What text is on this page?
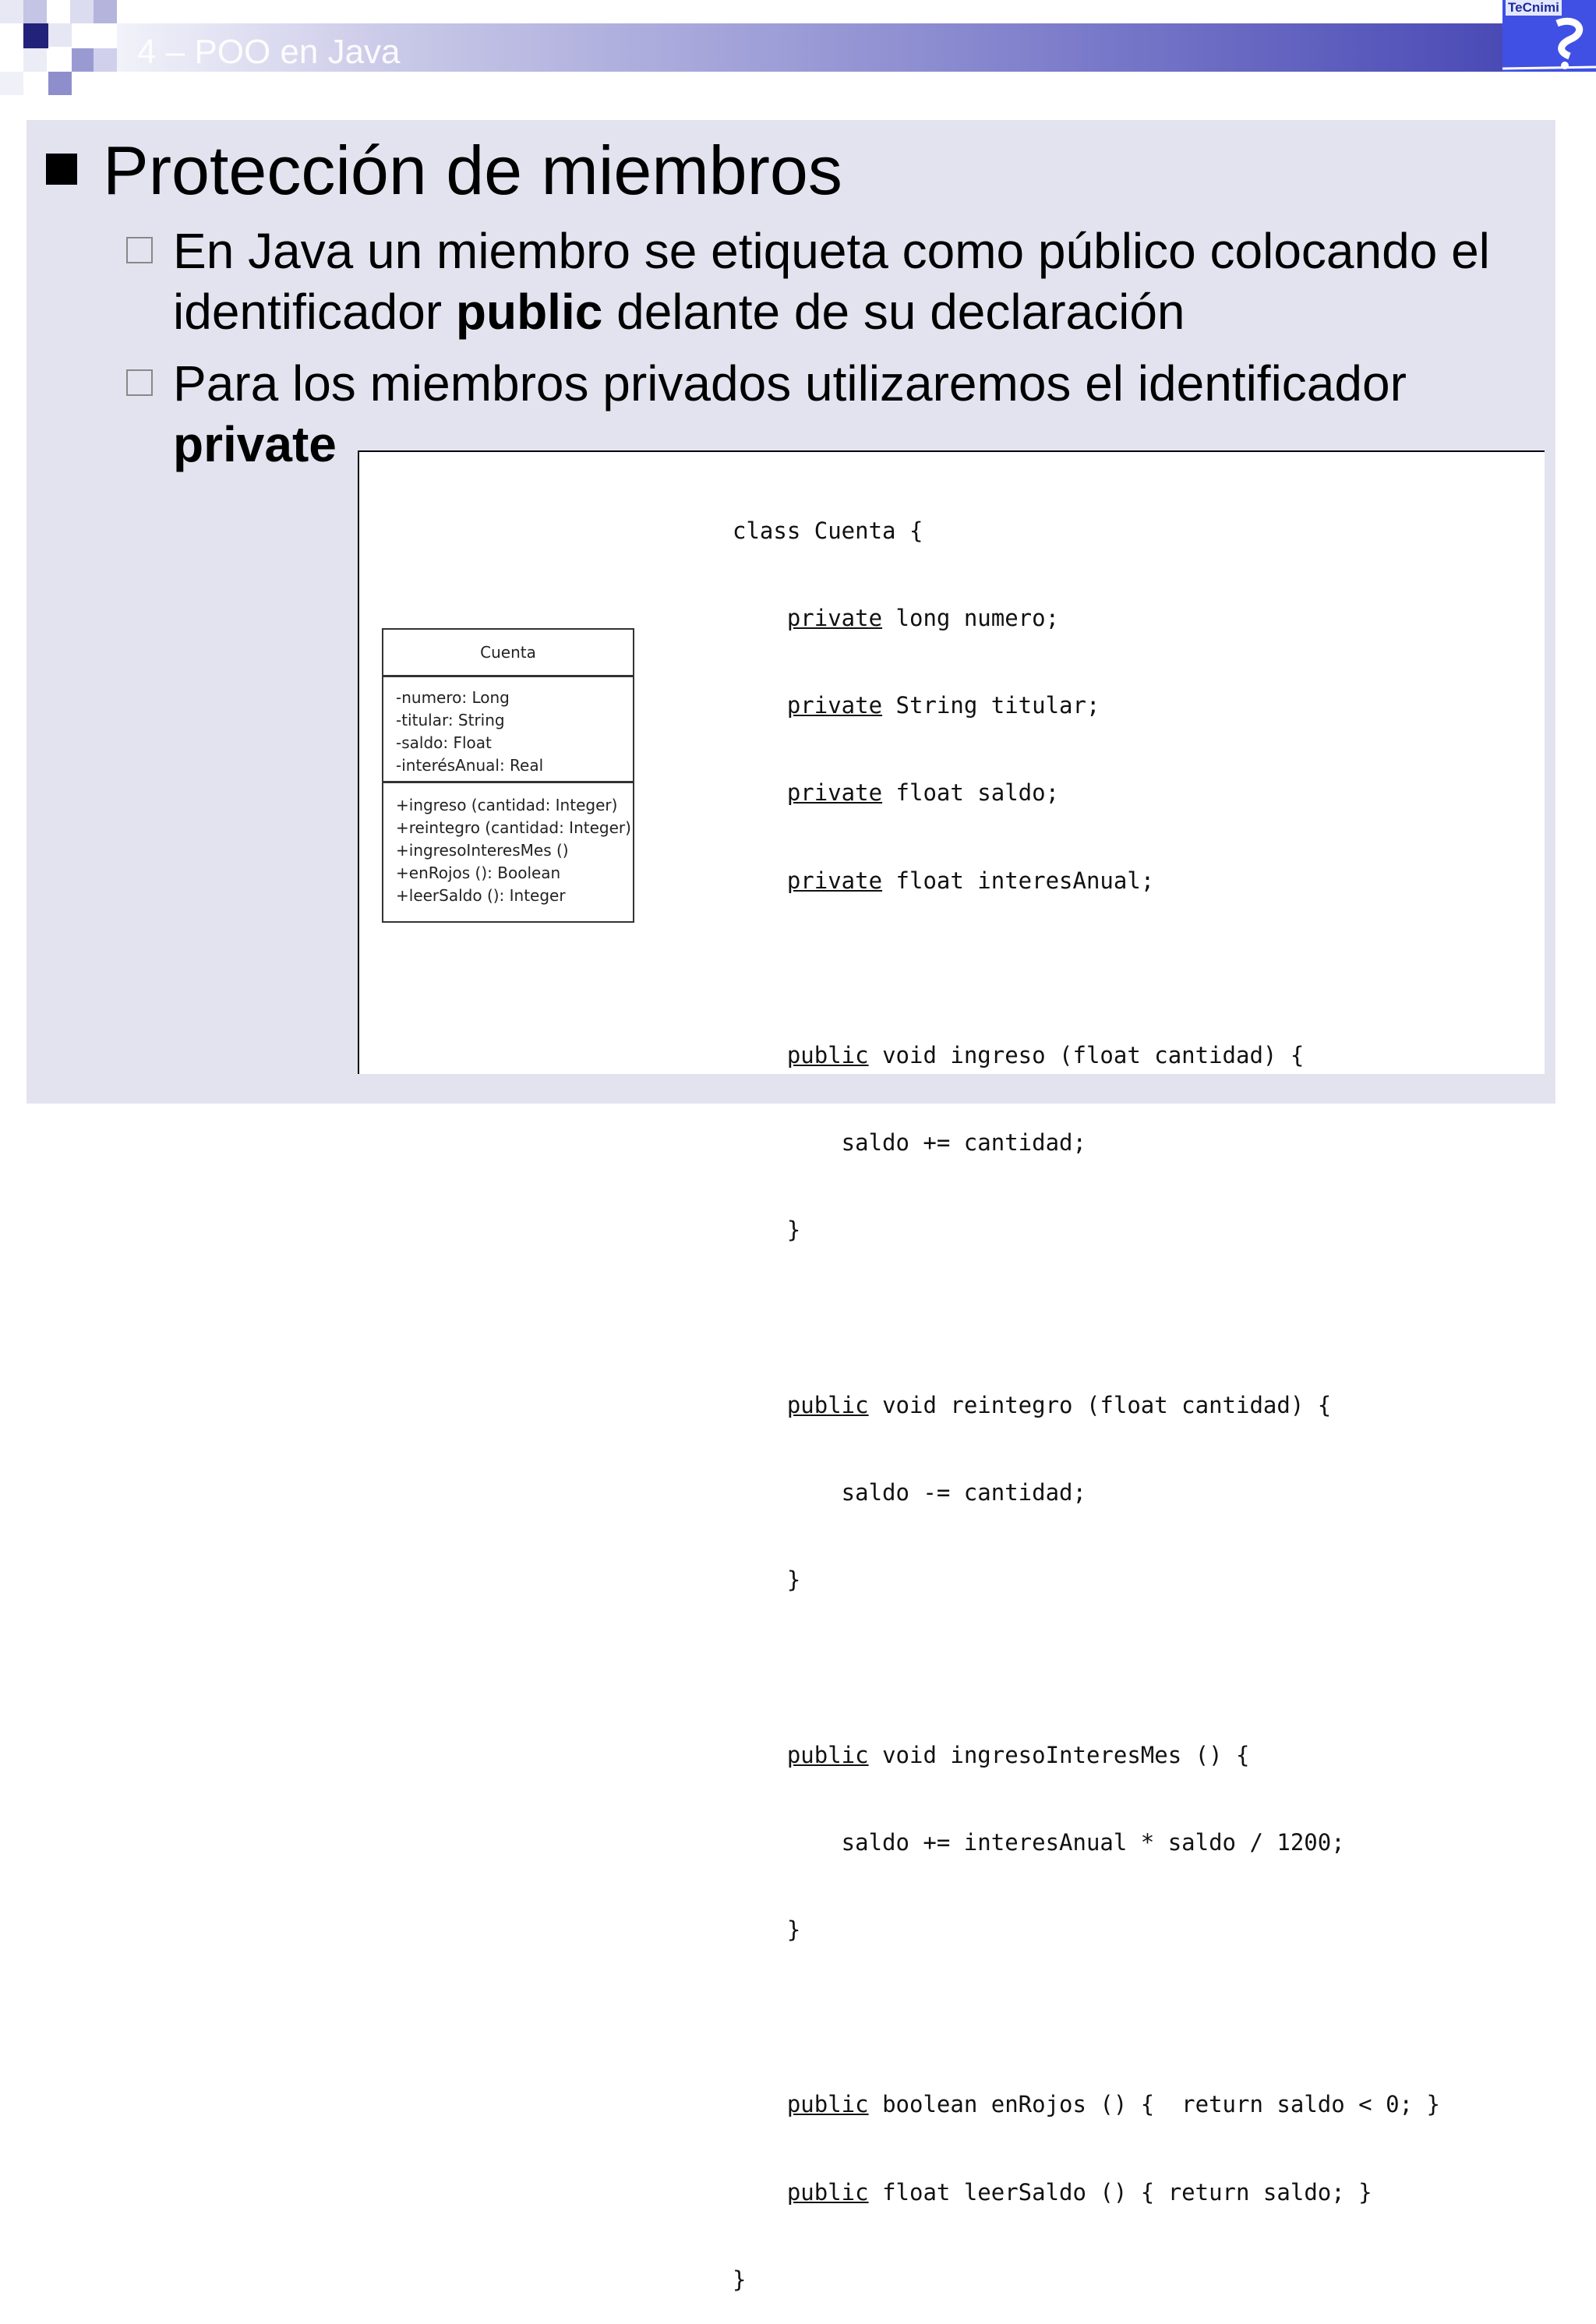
4 – POO en Java
TeCnimi
Protección de miembros
En Java un miembro se etiqueta como público colocando el identificador public delante de su declaración
Para los miembros privados utilizaremos el identificador private
Cuenta
-numero: Long
-titular: String
-saldo: Float
-interésAnual: Real
+ingreso (cantidad: Integer)
+reintegro (cantidad: Integer)
+ingresoInteresMes ()
+enRojos (): Boolean
+leerSaldo (): Integer

class Cuenta {

private long numero;

private String titular;

private float saldo;

private float interesAnual;

public void ingreso (float cantidad) {

saldo += cantidad;

}

public void reintegro (float cantidad) {

saldo -= cantidad;

}

public void ingresoInteresMes () {

saldo += interesAnual * saldo / 1200;

}

public boolean enRojos () {  return saldo < 0; }

public float leerSaldo () { return saldo; }

}
